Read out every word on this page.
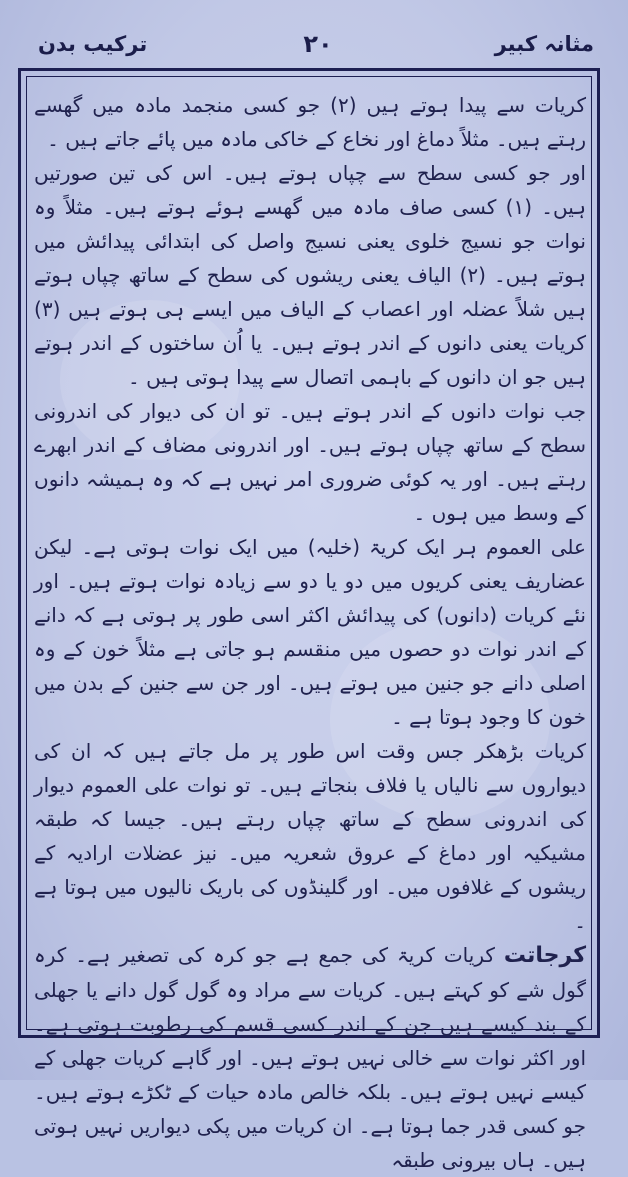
مثانہ کبیر
۲۰
ترکیب بدن

کریات سے پیدا ہوتے ہیں (۲) جو کسی منجمد مادہ میں گھسے رہتے ہیں۔ مثلاً دماغ اور نخاع کے خاکی مادہ میں پائے جاتے ہیں ۔

اور جو کسی سطح سے چپاں ہوتے ہیں۔ اس کی تین صورتیں ہیں۔ (۱) کسی صاف مادہ میں گھسے ہوئے ہوتے ہیں۔ مثلاً وہ نوات جو نسیج خلوی یعنی نسیج واصل کی ابتدائی پیدائش میں ہوتے ہیں۔ (۲) الیاف یعنی ریشوں کی سطح کے ساتھ چپاں ہوتے ہیں شلاً عضلہ اور اعصاب کے الیاف میں ایسے ہی ہوتے ہیں (۳) کریات یعنی دانوں کے اندر ہوتے ہیں۔ یا اُن ساختوں کے اندر ہوتے ہیں جو ان دانوں کے باہمی اتصال سے پیدا ہوتی ہیں ۔

جب نوات دانوں کے اندر ہوتے ہیں۔ تو ان کی دیوار کی اندرونی سطح کے ساتھ چپاں ہوتے ہیں۔ اور اندرونی مضاف کے اندر ابھرے رہتے ہیں۔ اور یہ کوئی ضروری امر نہیں ہے کہ وہ ہمیشہ دانوں کے وسط میں ہوں ۔

علی العموم ہر ایک کریۃ (خلیہ) میں ایک نوات ہوتی ہے۔ لیکن عضاریف یعنی کریوں میں دو یا دو سے زیادہ نوات ہوتے ہیں۔ اور نئے کریات (دانوں) کی پیدائش اکثر اسی طور پر ہوتی ہے کہ دانے کے اندر نوات دو حصوں میں منقسم ہو جاتی ہے مثلاً خون کے وہ اصلی دانے جو جنین میں ہوتے ہیں۔ اور جن سے جنین کے بدن میں خون کا وجود ہوتا ہے ۔

کریات بڑھکر جس وقت اس طور پر مل جاتے ہیں کہ ان کی دیواروں سے نالیاں یا فلاف بنجاتے ہیں۔ تو نوات علی العموم دیوار کی اندرونی سطح کے ساتھ چپاں رہتے ہیں۔ جیسا کہ طبقہ مشیکیہ اور دماغ کے عروق شعریہ میں۔ نیز عضلات ارادیہ کے ریشوں کے غلافوں میں۔ اور گلینڈوں کی باریک نالیوں میں ہوتا ہے ۔

کرجاتت کریات کریۃ کی جمع ہے جو کرہ کی تصغیر ہے۔ کرہ گول شے کو کہتے ہیں۔ کریات سے مراد وہ گول گول دانے یا جھلی کے بند کیسے ہیں جن کے اندر کسی قسم کی رطوبت ہوتی ہے۔ اور اکثر نوات سے خالی نہیں ہوتے ہیں۔ اور گاہے کریات جھلی کے کیسے نہیں ہوتے ہیں۔ بلکہ خالص مادہ حیات کے ٹکڑے ہوتے ہیں۔ جو کسی قدر جما ہوتا ہے۔ ان کریات میں پکی دیواریں نہیں ہوتی ہیں۔ ہاں بیرونی طبقہ
